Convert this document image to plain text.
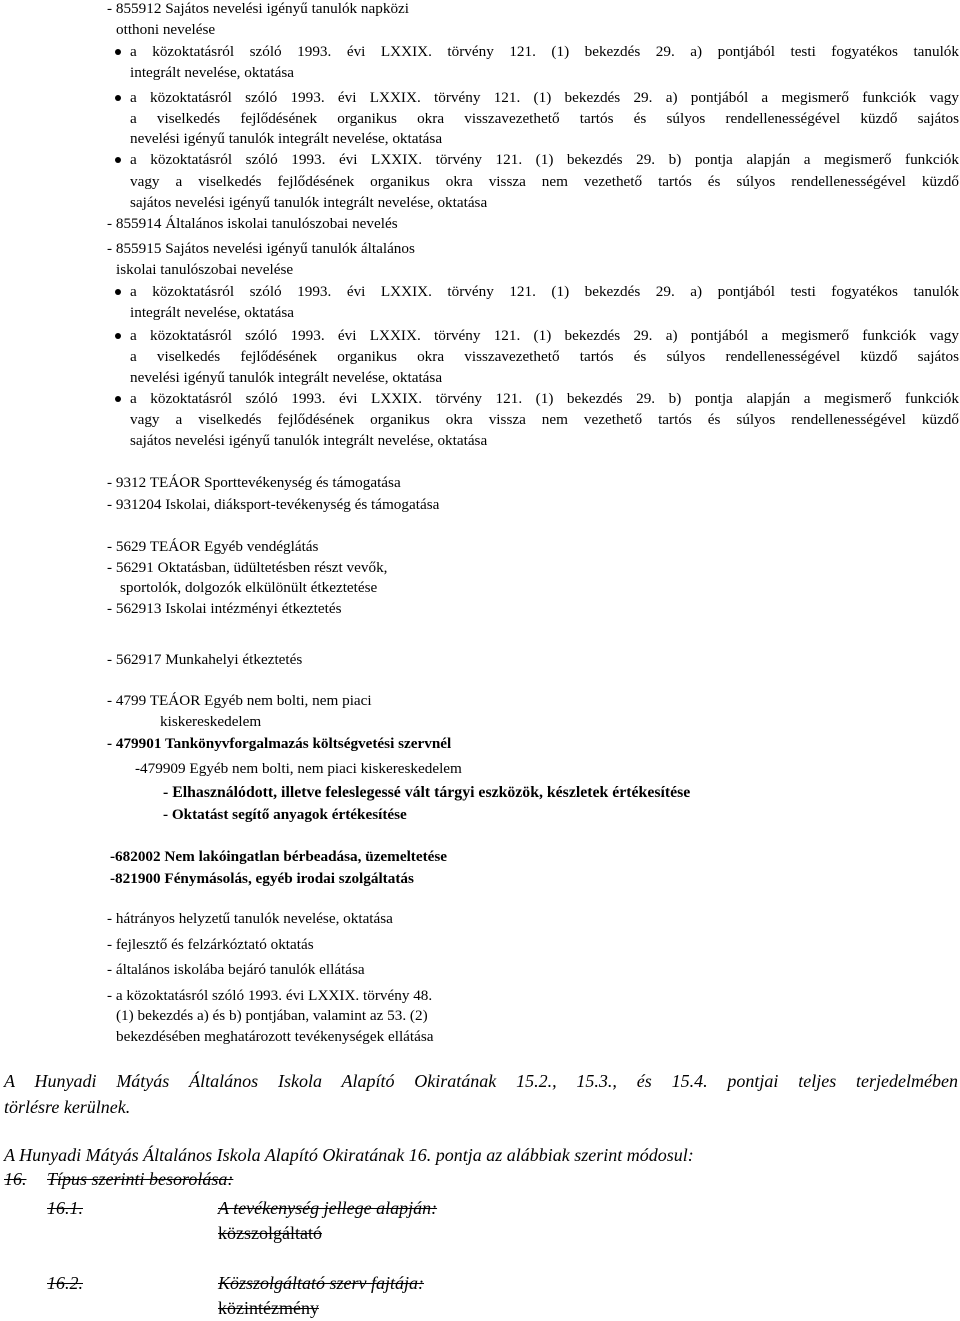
- 855912 Sajátos nevelési igényű tanulók napközi
otthoni nevelése
a közoktatásról szóló 1993. évi LXXIX. törvény 121. (1) bekezdés 29. a) pontjából testi fogyatékos tanulók
integrált nevelése, oktatása
a közoktatásról szóló 1993. évi LXXIX. törvény 121. (1) bekezdés 29. a) pontjából a megismerő funkciók vagy
a viselkedés fejlődésének organikus okra visszavezethető tartós és súlyos rendellenességével küzdő sajátos
nevelési igényű tanulók integrált nevelése, oktatása
a közoktatásról szóló 1993. évi LXXIX. törvény 121. (1) bekezdés 29. b) pontja alapján a megismerő funkciók
vagy a viselkedés fejlődésének organikus okra vissza nem vezethető tartós és súlyos rendellenességével küzdő
sajátos nevelési igényű tanulók integrált nevelése, oktatása
- 855914 Általános iskolai tanulószobai nevelés
- 855915 Sajátos nevelési igényű tanulók általános
iskolai tanulószobai nevelése
a közoktatásról szóló 1993. évi LXXIX. törvény 121. (1) bekezdés 29. a) pontjából testi fogyatékos tanulók
integrált nevelése, oktatása
a közoktatásról szóló 1993. évi LXXIX. törvény 121. (1) bekezdés 29. a) pontjából a megismerő funkciók vagy
a viselkedés fejlődésének organikus okra visszavezethető tartós és súlyos rendellenességével küzdő sajátos
nevelési igényű tanulók integrált nevelése, oktatása
a közoktatásról szóló 1993. évi LXXIX. törvény 121. (1) bekezdés 29. b) pontja alapján a megismerő funkciók
vagy a viselkedés fejlődésének organikus okra vissza nem vezethető tartós és súlyos rendellenességével küzdő
sajátos nevelési igényű tanulók integrált nevelése, oktatása
- 9312 TEÁOR Sporttevékenység és támogatása
- 931204 Iskolai, diáksport-tevékenység és támogatása
- 5629 TEÁOR Egyéb vendéglátás
- 56291 Oktatásban, üdültetésben részt vevők,
sportolók, dolgozók elkülönült étkeztetése
- 562913 Iskolai intézményi étkeztetés
- 562917 Munkahelyi étkeztetés
- 4799 TEÁOR Egyéb nem bolti, nem piaci
kiskereskedelem
- 479901 Tankönyvforgalmazás költségvetési szervnél
-479909 Egyéb nem bolti, nem piaci kiskereskedelem
- Elhasználódott, illetve feleslegessé vált tárgyi eszközök, készletek értékesítése
- Oktatást segítő anyagok értékesítése
-682002 Nem lakóingatlan bérbeadása, üzemeltetése
-821900 Fénymásolás, egyéb irodai szolgáltatás
- hátrányos helyzetű tanulók nevelése, oktatása
- fejlesztő és felzárkóztató oktatás
- általános iskolába bejáró tanulók ellátása
- a közoktatásról szóló 1993. évi LXXIX. törvény 48.
(1) bekezdés a) és b) pontjában, valamint az 53. (2)
bekezdésében meghatározott tevékenységek ellátása
A Hunyadi Mátyás Általános Iskola Alapító Okiratának 15.2., 15.3., és 15.4. pontjai teljes terjedelmében
törlésre kerülnek.
A Hunyadi Mátyás Általános Iskola Alapító Okiratának 16. pontja az alábbiak szerint módosul:
16. Típus szerinti besorolása:
16.1.	A tevékenység jellege alapján:
közszolgáltató
16.2.	Közszolgáltató szerv fajtája:
közintézmény
